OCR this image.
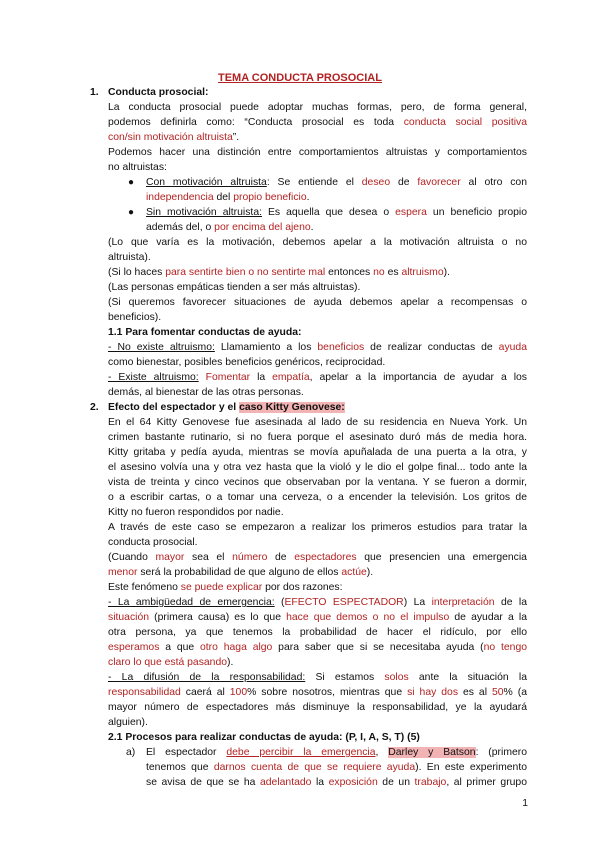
TEMA CONDUCTA PROSOCIAL
1. Conducta prosocial:
La conducta prosocial puede adoptar muchas formas, pero, de forma general,
podemos definirla como: “Conducta prosocial es toda conducta social positiva
con/sin motivación altruista”.
Podemos hacer una distinción entre comportamientos altruistas y comportamientos
no altruistas:
● Con motivación altruista: Se entiende el deseo de favorecer al otro con
independencia del propio beneficio.
● Sin motivación altruista: Es aquella que desea o espera un beneficio propio
además del, o por encima del ajeno.
(Lo que varía es la motivación, debemos apelar a la motivación altruista o no
altruista).
(Si lo haces para sentirte bien o no sentirte mal entonces no es altruismo).
(Las personas empáticas tienden a ser más altruistas).
(Si queremos favorecer situaciones de ayuda debemos apelar a recompensas o
beneficios).
1.1 Para fomentar conductas de ayuda:
- No existe altruismo: Llamamiento a los beneficios de realizar conductas de ayuda
como bienestar, posibles beneficios genéricos, reciprocidad.
- Existe altruismo: Fomentar la empatía, apelar a la importancia de ayudar a los
demás, al bienestar de las otras personas.
2. Efecto del espectador y el caso Kitty Genovese:
En el 64 Kitty Genovese fue asesinada al lado de su residencia en Nueva York. Un
crimen bastante rutinario, si no fuera porque el asesinato duró más de media hora.
Kitty gritaba y pedía ayuda, mientras se movía apuñalada de una puerta a la otra, y
el asesino volvía una y otra vez hasta que la violó y le dio el golpe final... todo ante la
vista de treinta y cinco vecinos que observaban por la ventana. Y se fueron a dormir,
o a escribir cartas, o a tomar una cerveza, o a encender la televisión. Los gritos de
Kitty no fueron respondidos por nadie.
A través de este caso se empezaron a realizar los primeros estudios para tratar la
conducta prosocial.
(Cuando mayor sea el número de espectadores que presencien una emergencia
menor será la probabilidad de que alguno de ellos actúe).
Este fenómeno se puede explicar por dos razones:
- La ambigüedad de emergencia: (EFECTO ESPECTADOR) La interpretación de la
situación (primera causa) es lo que hace que demos o no el impulso de ayudar a la
otra persona, ya que tenemos la probabilidad de hacer el ridículo, por ello
esperamos a que otro haga algo para saber que si se necesitaba ayuda (no tengo
claro lo que está pasando).
- La difusión de la responsabilidad: Si estamos solos ante la situación la
responsabilidad caerá al 100% sobre nosotros, mientras que si hay dos es al 50% (a
mayor número de espectadores más disminuye la responsabilidad, ye la ayudará
alguien).
2.1 Procesos para realizar conductas de ayuda: (P, I, A, S, T) (5)
a) El espectador debe percibir la emergencia, Darley y Batson: (primero
tenemos que darnos cuenta de que se requiere ayuda). En este experimento
se avisa de que se ha adelantado la exposición de un trabajo, al primer grupo
1
